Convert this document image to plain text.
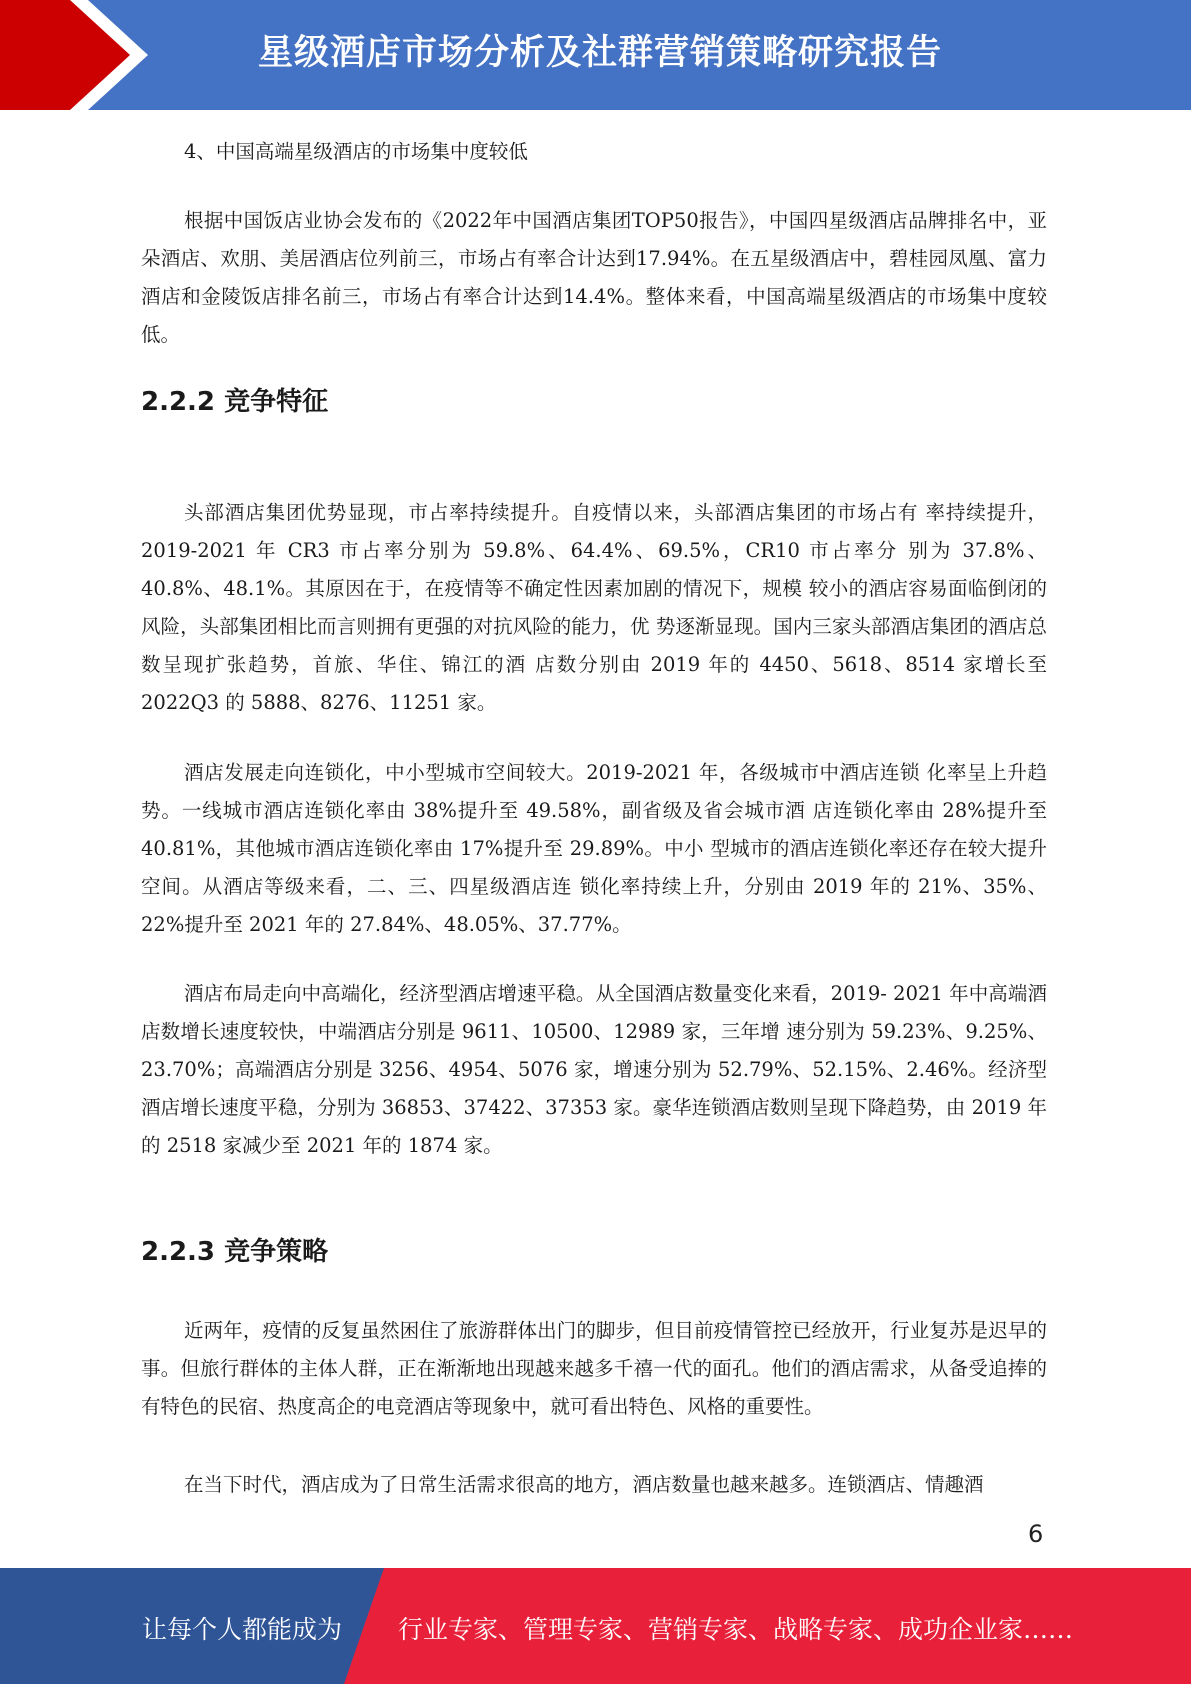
星级酒店市场分析及社群营销策略研究报告

4、中国高端星级酒店的市场集中度较低

根据中国饭店业协会发布的《2022年中国酒店集团TOP50报告》，中国四星级酒店品牌排名中，亚朵酒店、欢朋、美居酒店位列前三，市场占有率合计达到17.94%。在五星级酒店中，碧桂园凤凰、富力酒店和金陵饭店排名前三，市场占有率合计达到14.4%。整体来看，中国高端星级酒店的市场集中度较低。

2.2.2 竞争特征

头部酒店集团优势显现，市占率持续提升。自疫情以来，头部酒店集团的市场占有 率持续提升，2019-2021 年 CR3 市占率分别为 59.8%、64.4%、69.5%，CR10 市占率分 别为 37.8%、40.8%、48.1%。其原因在于，在疫情等不确定性因素加剧的情况下，规模 较小的酒店容易面临倒闭的风险，头部集团相比而言则拥有更强的对抗风险的能力，优 势逐渐显现。国内三家头部酒店集团的酒店总数呈现扩张趋势，首旅、华住、锦江的酒 店数分别由 2019 年的 4450、5618、8514 家增长至 2022Q3 的 5888、8276、11251 家。

酒店发展走向连锁化，中小型城市空间较大。2019-2021 年，各级城市中酒店连锁 化率呈上升趋势。一线城市酒店连锁化率由 38%提升至 49.58%，副省级及省会城市酒 店连锁化率由 28%提升至 40.81%，其他城市酒店连锁化率由 17%提升至 29.89%。中小 型城市的酒店连锁化率还存在较大提升空间。从酒店等级来看，二、三、四星级酒店连 锁化率持续上升，分别由 2019 年的 21%、35%、22%提升至 2021 年的 27.84%、48.05%、37.77%。

酒店布局走向中高端化，经济型酒店增速平稳。从全国酒店数量变化来看，2019- 2021 年中高端酒店数增长速度较快，中端酒店分别是 9611、10500、12989 家，三年增 速分别为 59.23%、9.25%、23.70%；高端酒店分别是 3256、4954、5076 家，增速分别为 52.79%、52.15%、2.46%。经济型酒店增长速度平稳，分别为 36853、37422、37353 家。豪华连锁酒店数则呈现下降趋势，由 2019 年的 2518 家减少至 2021 年的 1874 家。

2.2.3 竞争策略

近两年，疫情的反复虽然困住了旅游群体出门的脚步，但目前疫情管控已经放开，行业复苏是迟早的事。但旅行群体的主体人群，正在渐渐地出现越来越多千禧一代的面孔。他们的酒店需求，从备受追捧的有特色的民宿、热度高企的电竞酒店等现象中，就可看出特色、风格的重要性。

在当下时代，酒店成为了日常生活需求很高的地方，酒店数量也越来越多。连锁酒店、情趣酒

6
让每个人都能成为 行业专家、管理专家、营销专家、战略专家、成功企业家……
